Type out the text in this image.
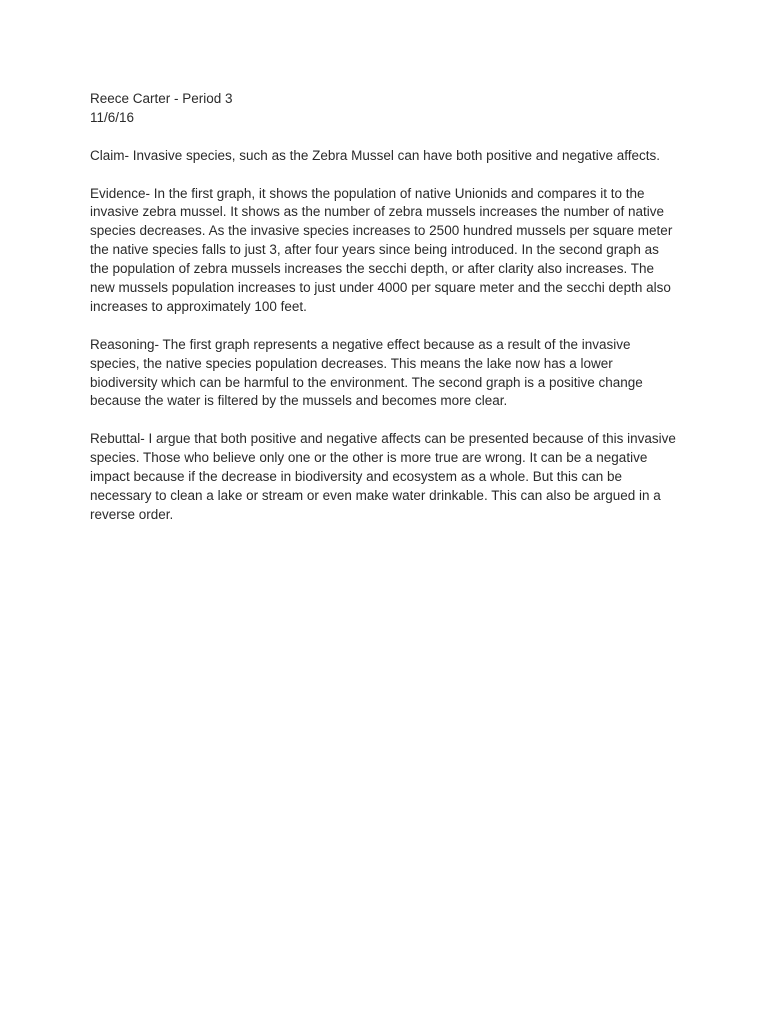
Reece Carter - Period 3

11/6/16

Claim- Invasive species, such as the Zebra Mussel can have both positive and negative affects.

Evidence- In the first graph, it shows the population of native Unionids and compares it to the invasive zebra mussel. It shows as the number of zebra mussels increases the number of native species decreases. As the invasive species increases to 2500 hundred mussels per square meter the native species falls to just 3, after four years since being introduced. In the second graph as the population of zebra mussels increases the secchi depth, or after clarity also increases. The new mussels population increases to just under 4000 per square meter and the secchi depth also increases to approximately 100 feet.

Reasoning- The first graph represents a negative effect because as a result of the invasive species, the native species population decreases. This means the lake now has a lower biodiversity which can be harmful to the environment. The second graph is a positive change because the water is filtered by the mussels and becomes more clear.

Rebuttal- I argue that both positive and negative affects can be presented because of this invasive species. Those who believe only one or the other is more true are wrong. It can be a negative impact because if the decrease in biodiversity and ecosystem as a whole. But this can be necessary to clean a lake or stream or even make water drinkable. This can also be argued in a reverse order.
